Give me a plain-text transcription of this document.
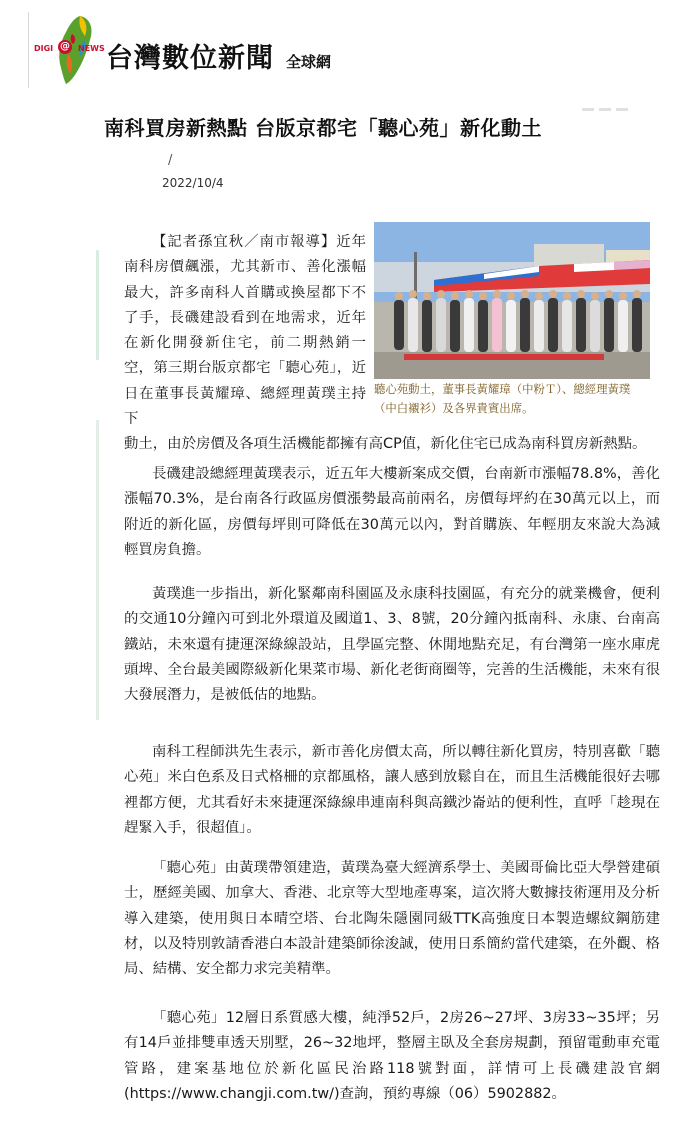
DIGI @ NEWS 台灣數位新聞 全球網
南科買房新熱點 台版京都宅「聽心苑」新化動土
/
2022/10/4
【記者孫宜秋／南市報導】近年南科房價飆漲，尤其新市、善化漲幅最大，許多南科人首購或換屋都下不了手，長磯建設看到在地需求，近年在新化開發新住宅，前二期熱銷一空，第三期台版京都宅「聽心苑」，近日在董事長黃耀璋、總經理黃璞主持下
動土，由於房價及各項生活機能都擁有高CP值，新化住宅已成為南科買房新熱點。
聽心苑動土，董事長黃耀璋（中粉Ｔ）、總經理黃璞（中白襯衫）及各界貴賓出席。
長磯建設總經理黃璞表示，近五年大樓新案成交價，台南新市漲幅78.8%，善化漲幅70.3%，是台南各行政區房價漲勢最高前兩名，房價每坪約在30萬元以上，而附近的新化區，房價每坪則可降低在30萬元以內，對首購族、年輕朋友來說大為減輕買房負擔。
黃璞進一步指出，新化緊鄰南科園區及永康科技園區，有充分的就業機會，便利的交通10分鐘內可到北外環道及國道1、3、8號，20分鐘內抵南科、永康、台南高鐵站，未來還有捷運深綠線設站，且學區完整、休閒地點充足，有台灣第一座水庫虎頭埤、全台最美國際級新化果菜市場、新化老街商圈等，完善的生活機能，未來有很大發展潛力，是被低估的地點。
南科工程師洪先生表示，新市善化房價太高，所以轉往新化買房，特別喜歡「聽心苑」米白色系及日式格柵的京都風格，讓人感到放鬆自在，而且生活機能很好去哪裡都方便，尤其看好未來捷運深綠線串連南科與高鐵沙崙站的便利性，直呼「趁現在趕緊入手，很超值」。
「聽心苑」由黃璞帶領建造，黃璞為臺大經濟系學士、美國哥倫比亞大學營建碩士，歷經美國、加拿大、香港、北京等大型地產專案，這次將大數據技術運用及分析導入建築，使用與日本晴空塔、台北陶朱隱園同級TTK高強度日本製造螺紋鋼筋建材，以及特別敦請香港白本設計建築師徐浚誠，使用日系簡約當代建築，在外觀、格局、結構、安全都力求完美精準。
「聽心苑」12層日系質感大樓，純淨52戶，2房26~27坪、3房33~35坪；另有14戶並排雙車透天別墅，26~32地坪，整層主臥及全套房規劃，預留電動車充電管路，建案基地位於新化區民治路118號對面，詳情可上長磯建設官網(https://www.changji.com.tw/)查詢，預約專線（06）5902882。
